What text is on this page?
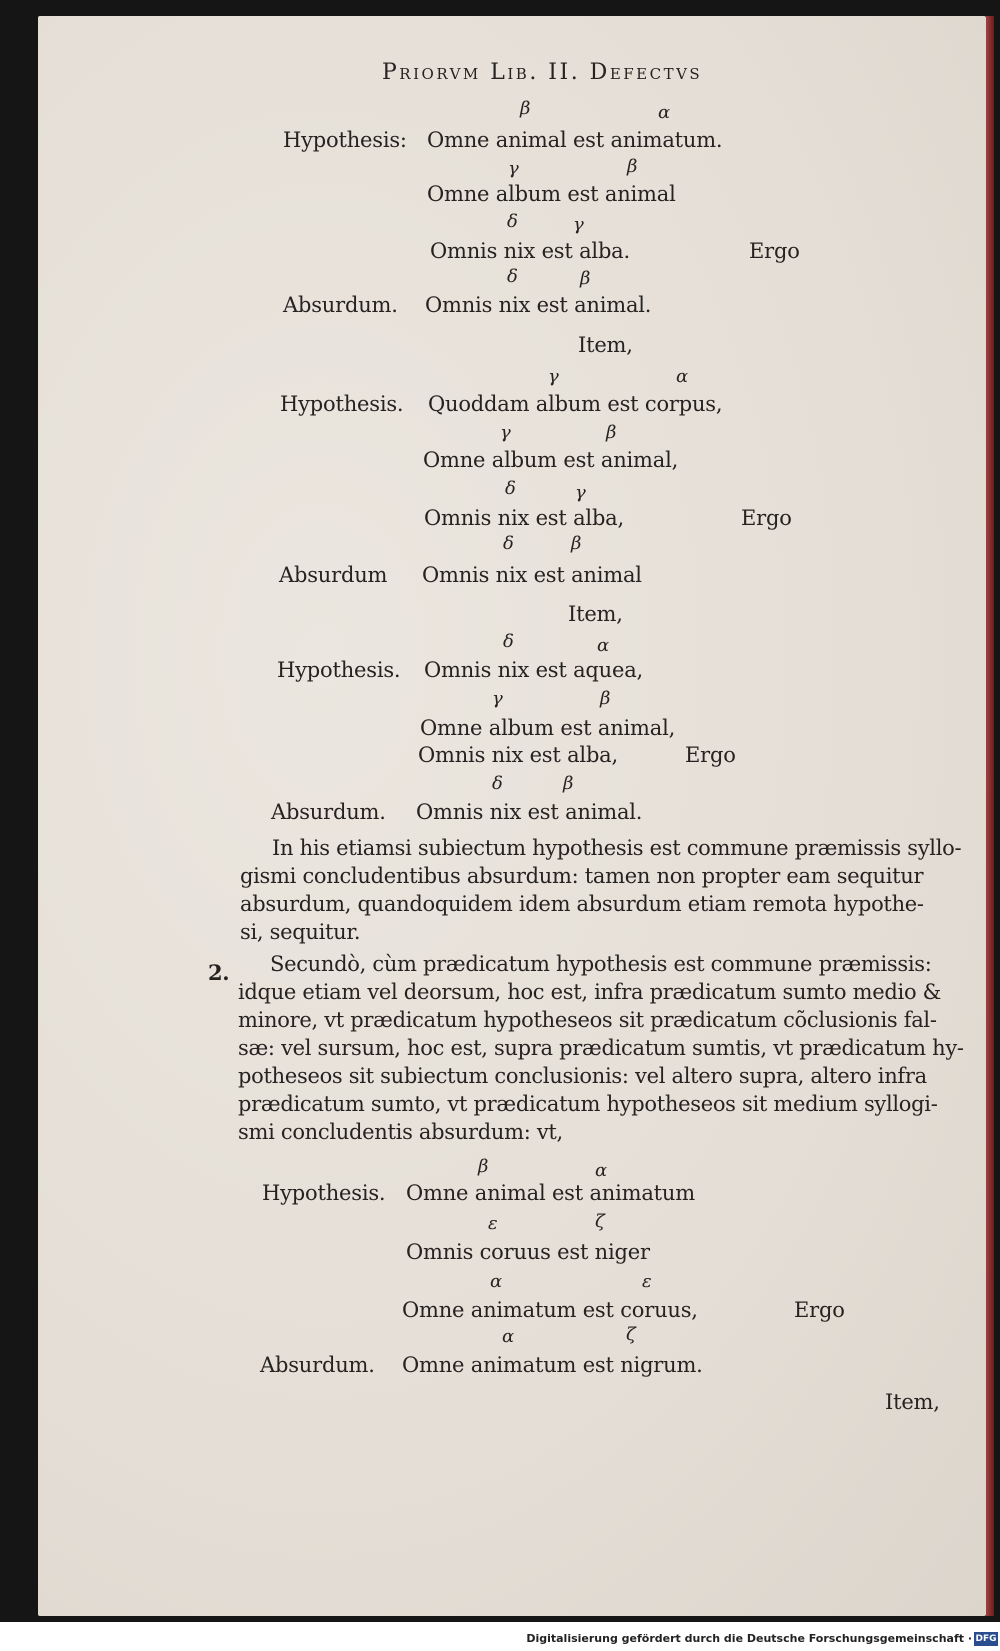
Priorvm Lib. II. Defectvs
β	α
Hypothesis: Omne animal est animatum.
γ	β
Omne album est animal
δ	γ
Omnis nix est alba.	Ergo
δ	β
Absurdum. Omnis nix est animal.
Item,
γ	α
Hypothesis. Quoddam album est corpus,
γ	β
Omne album est animal,
δ	γ
Omnis nix est alba,	Ergo
δ	β
Absurdum Omnis nix est animal
Item,
δ	α
Hypothesis. Omnis nix est aquea,
γ	β
Omne album est animal,
Omnis nix est alba,	Ergo
δ	β
Absurdum. Omnis nix est animal.
In his etiamsi subiectum hypothesis est commune præmissis syllo-
gismi concludentibus absurdum: tamen non propter eam sequitur
absurdum, quandoquidem idem absurdum etiam remota hypothe-
si, sequitur.
2. Secundò, cùm prædicatum hypothesis est commune præmissis:
idque etiam vel deorsum, hoc est, infra prædicatum sumto medio &
minore, vt prædicatum hypotheseos sit prædicatum cõclusionis fal-
sæ: vel sursum, hoc est, supra prædicatum sumtis, vt prædicatum hy-
potheseos sit subiectum conclusionis: vel altero supra, altero infra
prædicatum sumto, vt prædicatum hypotheseos sit medium syllogi-
smi concludentis absurdum: vt,
β	α
Hypothesis. Omne animal est animatum
ε	ζ
Omnis coruus est niger
α	ε
Omne animatum est coruus,	Ergo
α	ζ
Absurdum. Omne animatum est nigrum.
Item,
Digitalisierung gefördert durch die Deutsche Forschungsgemeinschaft · DFG
